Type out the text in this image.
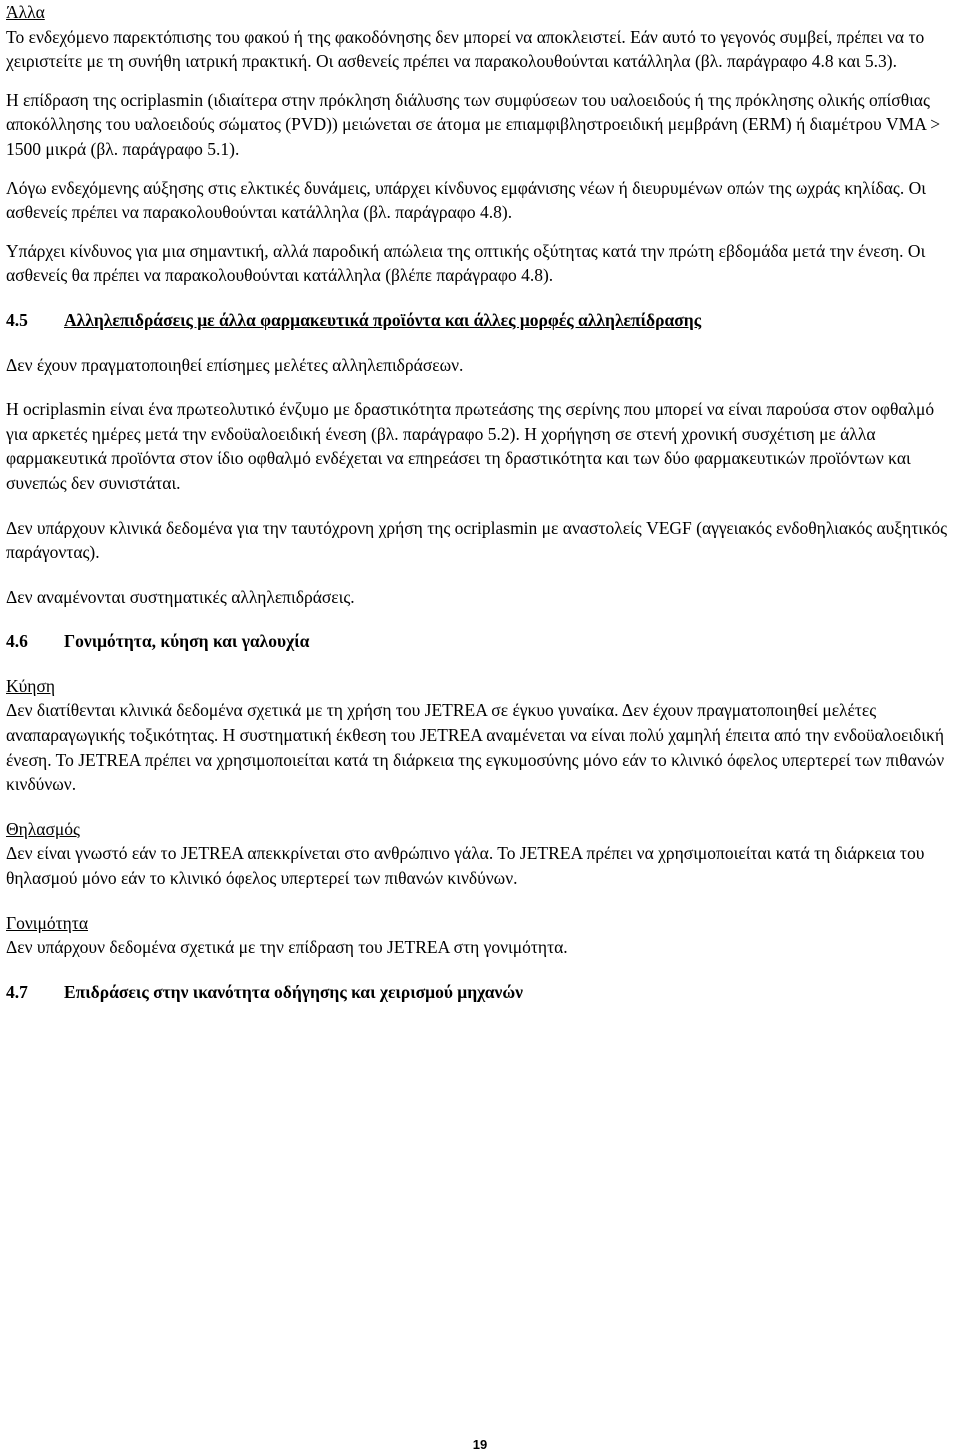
Άλλα

Το ενδεχόμενο παρεκτόπισης του φακού ή της φακοδόνησης δεν μπορεί να αποκλειστεί. Εάν αυτό το γεγονός συμβεί, πρέπει να το χειριστείτε με τη συνήθη ιατρική πρακτική. Οι ασθενείς πρέπει να παρακολουθούνται κατάλληλα (βλ. παράγραφο 4.8 και 5.3).

Η επίδραση της ocriplasmin (ιδιαίτερα στην πρόκληση διάλυσης των συμφύσεων του υαλοειδούς ή της πρόκλησης ολικής οπίσθιας αποκόλλησης του υαλοειδούς σώματος (PVD)) μειώνεται σε άτομα με επιαμφιβληστροειδική μεμβράνη (ERM) ή διαμέτρου VMA > 1500 μικρά (βλ. παράγραφο 5.1).

Λόγω ενδεχόμενης αύξησης στις ελκτικές δυνάμεις, υπάρχει κίνδυνος εμφάνισης νέων ή διευρυμένων οπών της ωχράς κηλίδας. Οι ασθενείς πρέπει να παρακολουθούνται κατάλληλα (βλ. παράγραφο 4.8).

Υπάρχει κίνδυνος για μια σημαντική, αλλά παροδική απώλεια της οπτικής οξύτητας κατά την πρώτη εβδομάδα μετά την ένεση. Οι ασθενείς θα πρέπει να παρακολουθούνται κατάλληλα (βλέπε παράγραφο 4.8).

4.5 Αλληλεπιδράσεις με άλλα φαρμακευτικά προϊόντα και άλλες μορφές αλληλεπίδρασης

Δεν έχουν πραγματοποιηθεί επίσημες μελέτες αλληλεπιδράσεων.

Η ocriplasmin είναι ένα πρωτεολυτικό ένζυμο με δραστικότητα πρωτεάσης της σερίνης που μπορεί να είναι παρούσα στον οφθαλμό για αρκετές ημέρες μετά την ενδοϋαλοειδική ένεση (βλ. παράγραφο 5.2). Η χορήγηση σε στενή χρονική συσχέτιση με άλλα φαρμακευτικά προϊόντα στον ίδιο οφθαλμό ενδέχεται να επηρεάσει τη δραστικότητα και των δύο φαρμακευτικών προϊόντων και συνεπώς δεν συνιστάται.

Δεν υπάρχουν κλινικά δεδομένα για την ταυτόχρονη χρήση της ocriplasmin με αναστολείς VEGF (αγγειακός ενδοθηλιακός αυξητικός παράγοντας).

Δεν αναμένονται συστηματικές αλληλεπιδράσεις.

4.6 Γονιμότητα, κύηση και γαλουχία

Κύηση

Δεν διατίθενται κλινικά δεδομένα σχετικά με τη χρήση του JETREA σε έγκυο γυναίκα. Δεν έχουν πραγματοποιηθεί μελέτες αναπαραγωγικής τοξικότητας. Η συστηματική έκθεση του JETREA αναμένεται να είναι πολύ χαμηλή έπειτα από την ενδοϋαλοειδική ένεση. Το JETREA πρέπει να χρησιμοποιείται κατά τη διάρκεια της εγκυμοσύνης μόνο εάν το κλινικό όφελος υπερτερεί των πιθανών κινδύνων.

Θηλασμός

Δεν είναι γνωστό εάν το JETREA απεκκρίνεται στο ανθρώπινο γάλα. Το JETREA πρέπει να χρησιμοποιείται κατά τη διάρκεια του θηλασμού μόνο εάν το κλινικό όφελος υπερτερεί των πιθανών κινδύνων.

Γονιμότητα

Δεν υπάρχουν δεδομένα σχετικά με την επίδραση του JETREA στη γονιμότητα.

4.7 Επιδράσεις στην ικανότητα οδήγησης και χειρισμού μηχανών

19
